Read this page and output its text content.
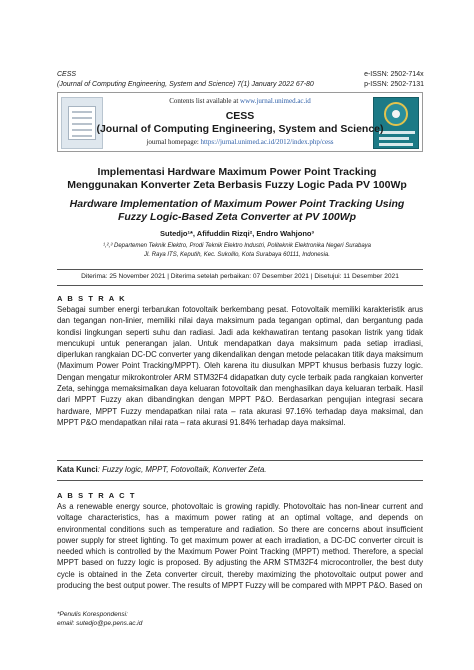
CESS
(Journal of Computing Engineering, System and Science) 7(1) January 2022 67-80
e-ISSN: 2502-714x
p-ISSN: 2502-7131
Contents list available at www.jurnal.unimed.ac.id
CESS
(Journal of Computing Engineering, System and Science)
journal homepage: https://jurnal.unimed.ac.id/2012/index.php/cess
Implementasi Hardware Maximum Power Point Tracking
Menggunakan Konverter Zeta Berbasis Fuzzy Logic Pada PV 100Wp
Hardware Implementation of Maximum Power Point Tracking Using
Fuzzy Logic-Based Zeta Converter at PV 100Wp
Sutedjo¹*, Afifuddin Rizqi², Endro Wahjono³
¹,²,³ Departemen Teknik Elektro, Prodi Teknik Elektro Industri, Politeknik Elektronika Negeri Surabaya
Jl. Raya ITS, Keputih, Kec. Sukolilo, Kota Surabaya 60111, Indonesia.
Diterima: 25 November 2021 | Diterima setelah perbaikan: 07 Desember 2021 | Disetujui: 11 Desember 2021
A B S T R A K
Sebagai sumber energi terbarukan fotovoltaik berkembang pesat. Fotovoltaik memiliki karakteristik arus dan tegangan non-linier, memiliki nilai daya maksimum pada tegangan optimal, dan bergantung pada kondisi lingkungan seperti suhu dan radiasi. Jadi ada kekhawatiran tentang pasokan listrik yang tidak mencukupi untuk penerangan jalan. Untuk mendapatkan daya maksimum pada setiap irradiasi, diperlukan rangkaian DC-DC converter yang dikendalikan dengan metode pelacakan titik daya maksimum (Maximum Power Point Tracking/MPPT). Oleh karena itu diusulkan MPPT khusus berbasis fuzzy logic. Dengan mengatur mikrokontroler ARM STM32F4 didapatkan duty cycle terbaik pada rangkaian konverter Zeta, sehingga memaksimalkan daya keluaran fotovoltaik dan menghasilkan daya keluaran terbaik. Hasil dari MPPT Fuzzy akan dibandingkan dengan MPPT P&O. Berdasarkan pengujian integrasi secara hardware, MPPT Fuzzy mendapatkan nilai rata – rata akurasi 97.16% terhadap daya maksimal, dan MPPT P&O mendapatkan nilai rata – rata akurasi 91.84% terhadap daya maksimal.
Kata Kunci: Fuzzy logic, MPPT, Fotovoltaik, Konverter Zeta.
A B S T R A C T
As a renewable energy source, photovoltaic is growing rapidly. Photovoltaic has non-linear current and voltage characteristics, has a maximum power rating at an optimal voltage, and depends on environmental conditions such as temperature and radiation. So there are concerns about insufficient power supply for street lighting. To get maximum power at each irradiation, a DC-DC converter circuit is needed which is controlled by the Maximum Power Point Tracking (MPPT) method. Therefore, a special MPPT based on fuzzy logic is proposed. By adjusting the ARM STM32F4 microcontroller, the best duty cycle is obtained in the Zeta converter circuit, thereby maximizing the photovoltaic output power and producing the best output power. The results of MPPT Fuzzy will be compared with MPPT P&O. Based on
*Penulis Korespondensi:
email: sutedjo@pe.pens.ac.id
